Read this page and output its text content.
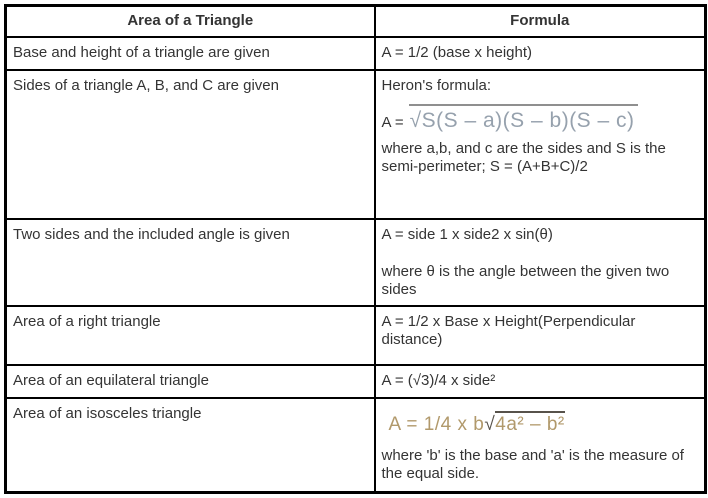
Area of a Triangle	Formula
Base and height of a triangle are given	A = 1/2 (base x height)
Sides of a triangle A, B, and C are given	Heron's formula:
A = √S(S – a)(S – b)(S – c)
where a,b, and c are the sides and S is the semi-perimeter; S = (A+B+C)/2

Two sides and the included angle is given	A = side 1 x side2 x sin(θ)
where θ is the angle between the given two sides

Area of a right triangle	A = 1/2 x Base x Height(Perpendicular distance)
Area of an equilateral triangle	A = (√3)/4 x side²
Area of an isosceles triangle	A = 1/4 x b√4a² – b²
where 'b' is the base and 'a' is the measure of the equal side.
